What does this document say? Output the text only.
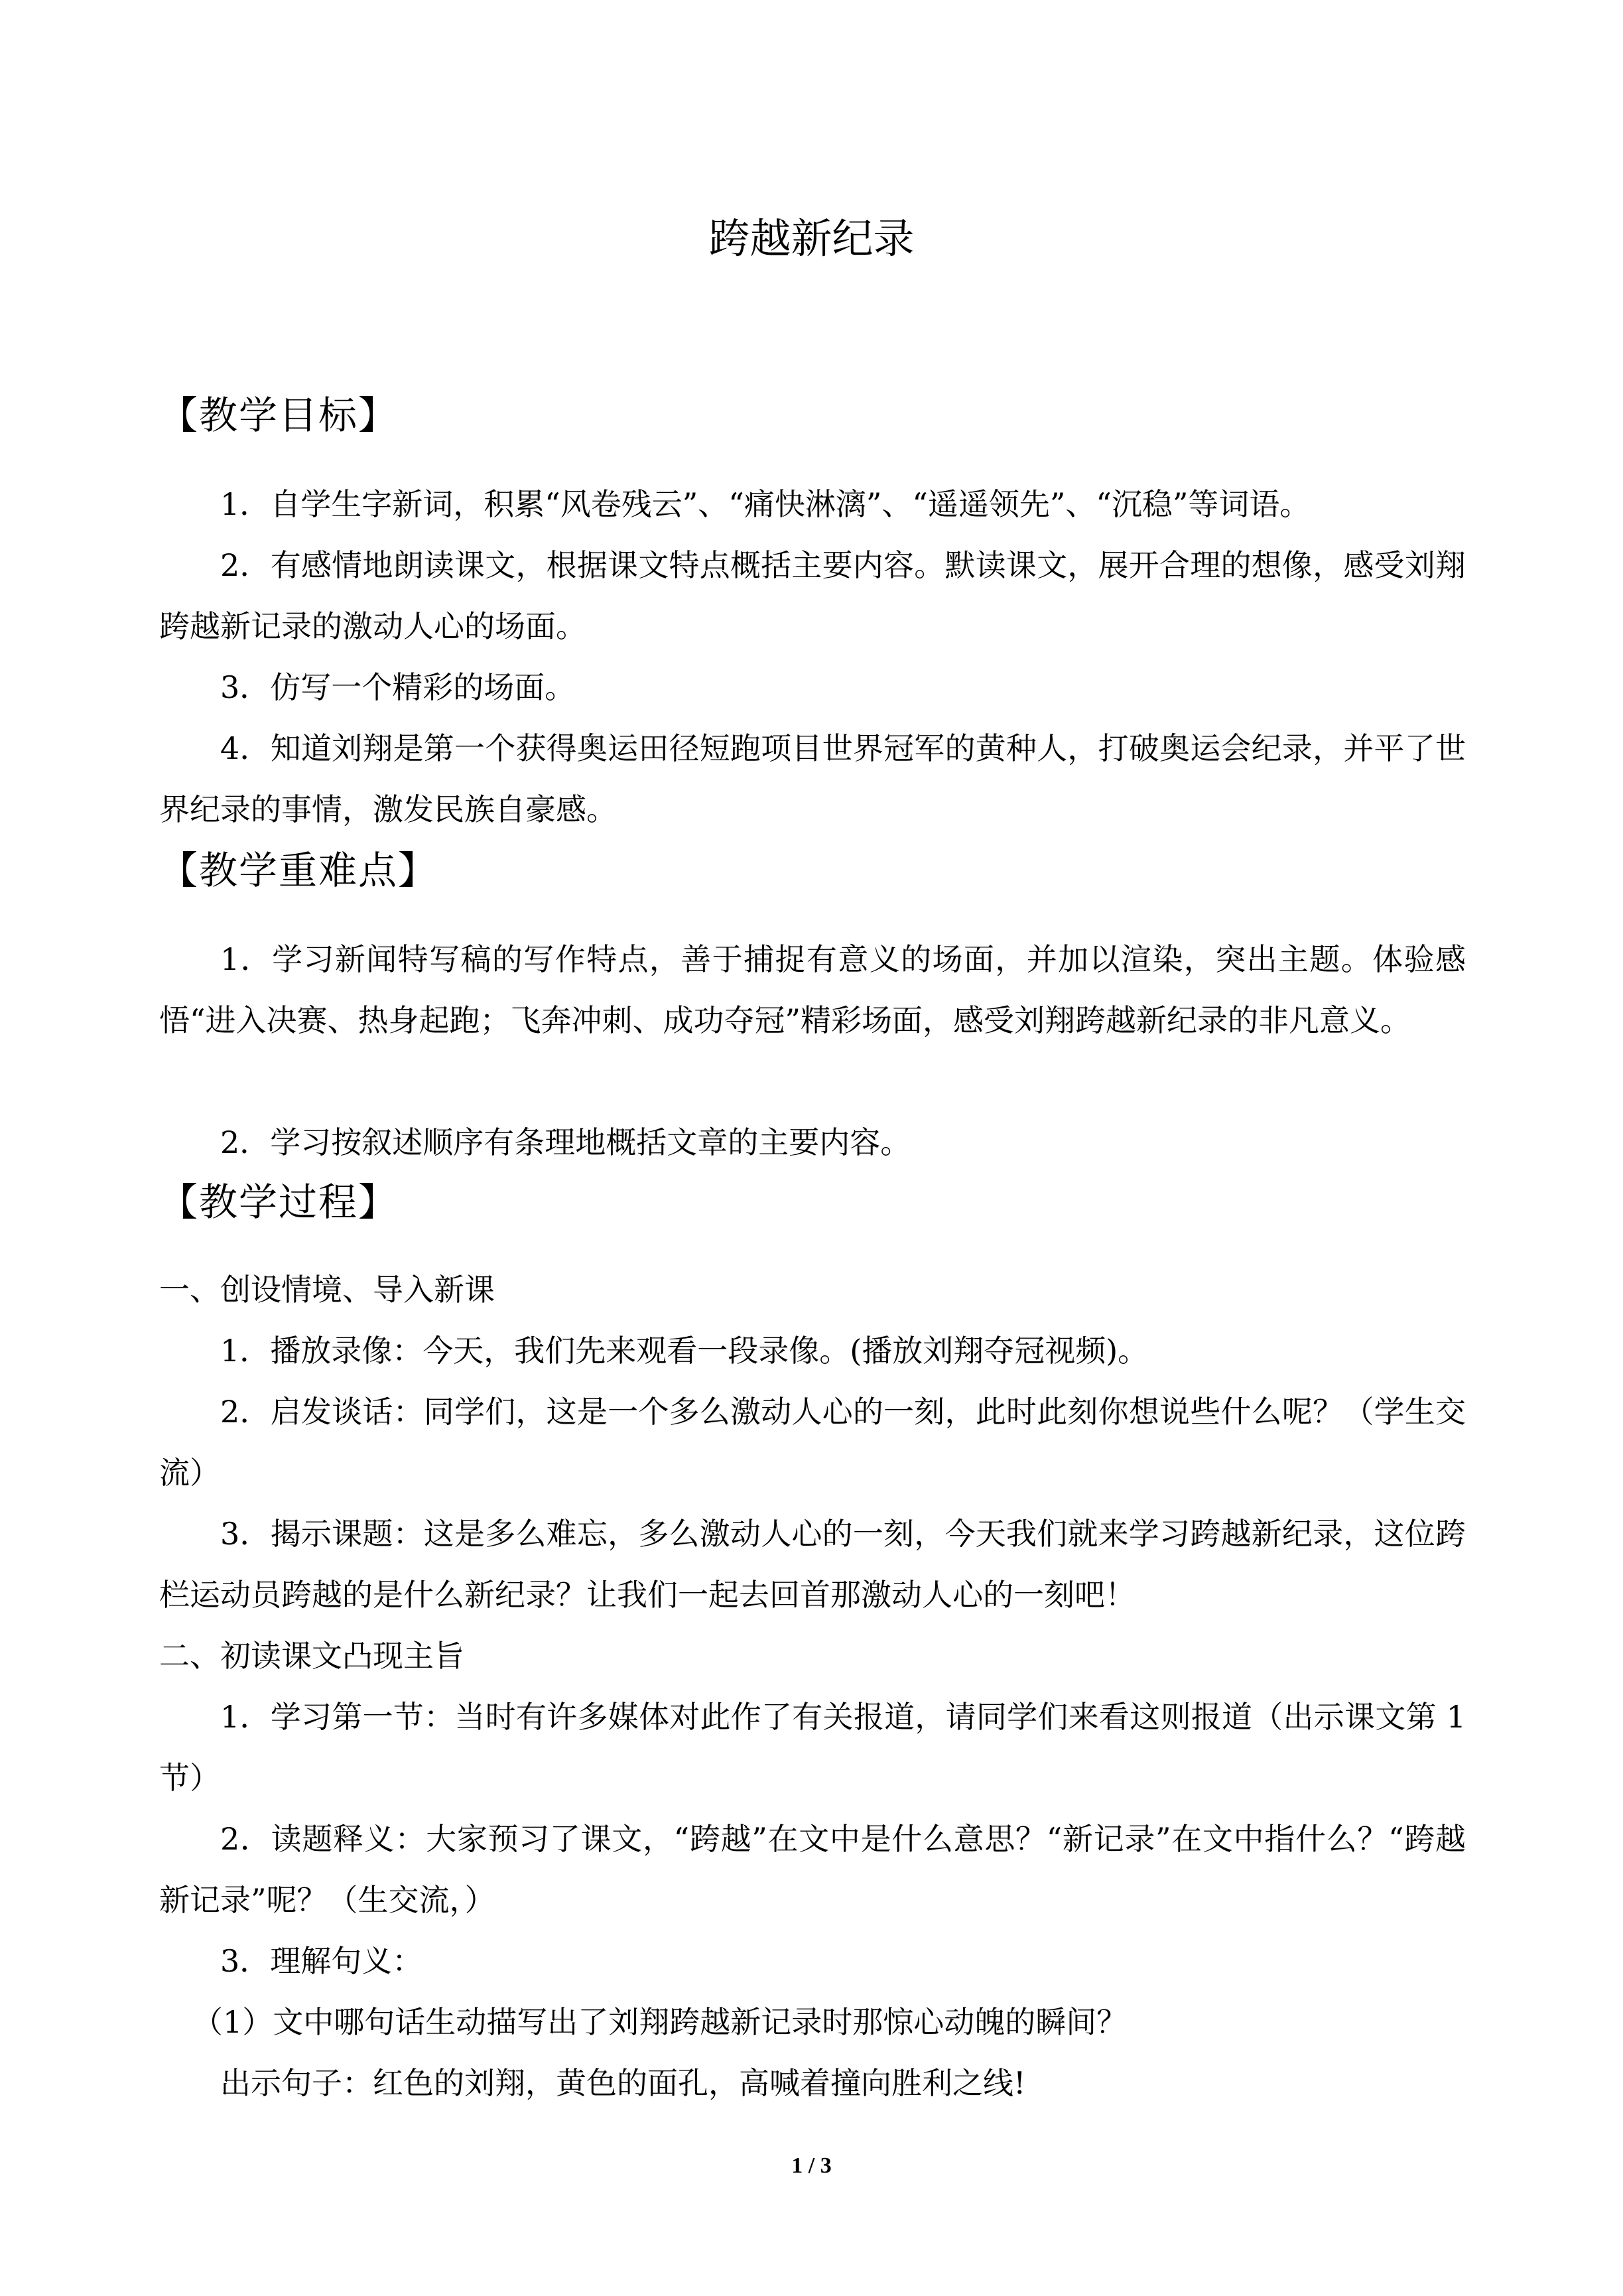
跨越新纪录
【教学目标】

1．自学生字新词，积累“风卷残云”、“痛快淋漓”、“遥遥领先”、“沉稳”等词语。

2．有感情地朗读课文，根据课文特点概括主要内容。默读课文，展开合理的想像，感受刘翔跨越新记录的激动人心的场面。

3．仿写一个精彩的场面。

4．知道刘翔是第一个获得奥运田径短跑项目世界冠军的黄种人，打破奥运会纪录，并平了世界纪录的事情，激发民族自豪感。

【教学重难点】

1．学习新闻特写稿的写作特点，善于捕捉有意义的场面，并加以渲染，突出主题。体验感悟“进入决赛、热身起跑；飞奔冲刺、成功夺冠”精彩场面，感受刘翔跨越新纪录的非凡意义。

2．学习按叙述顺序有条理地概括文章的主要内容。

【教学过程】

一、创设情境、导入新课

1．播放录像：今天，我们先来观看一段录像。(播放刘翔夺冠视频)。

2．启发谈话：同学们，这是一个多么激动人心的一刻，此时此刻你想说些什么呢？（学生交流）

3．揭示课题：这是多么难忘，多么激动人心的一刻，今天我们就来学习跨越新纪录，这位跨栏运动员跨越的是什么新纪录？让我们一起去回首那激动人心的一刻吧！

二、初读课文凸现主旨

1．学习第一节：当时有许多媒体对此作了有关报道，请同学们来看这则报道（出示课文第 1 节）

2．读题释义：大家预习了课文，“跨越”在文中是什么意思？“新记录”在文中指什么？“跨越新记录”呢？（生交流，）

3．理解句义：

（1）文中哪句话生动描写出了刘翔跨越新记录时那惊心动魄的瞬间？

出示句子：红色的刘翔，黄色的面孔，高喊着撞向胜利之线!

1 / 3
